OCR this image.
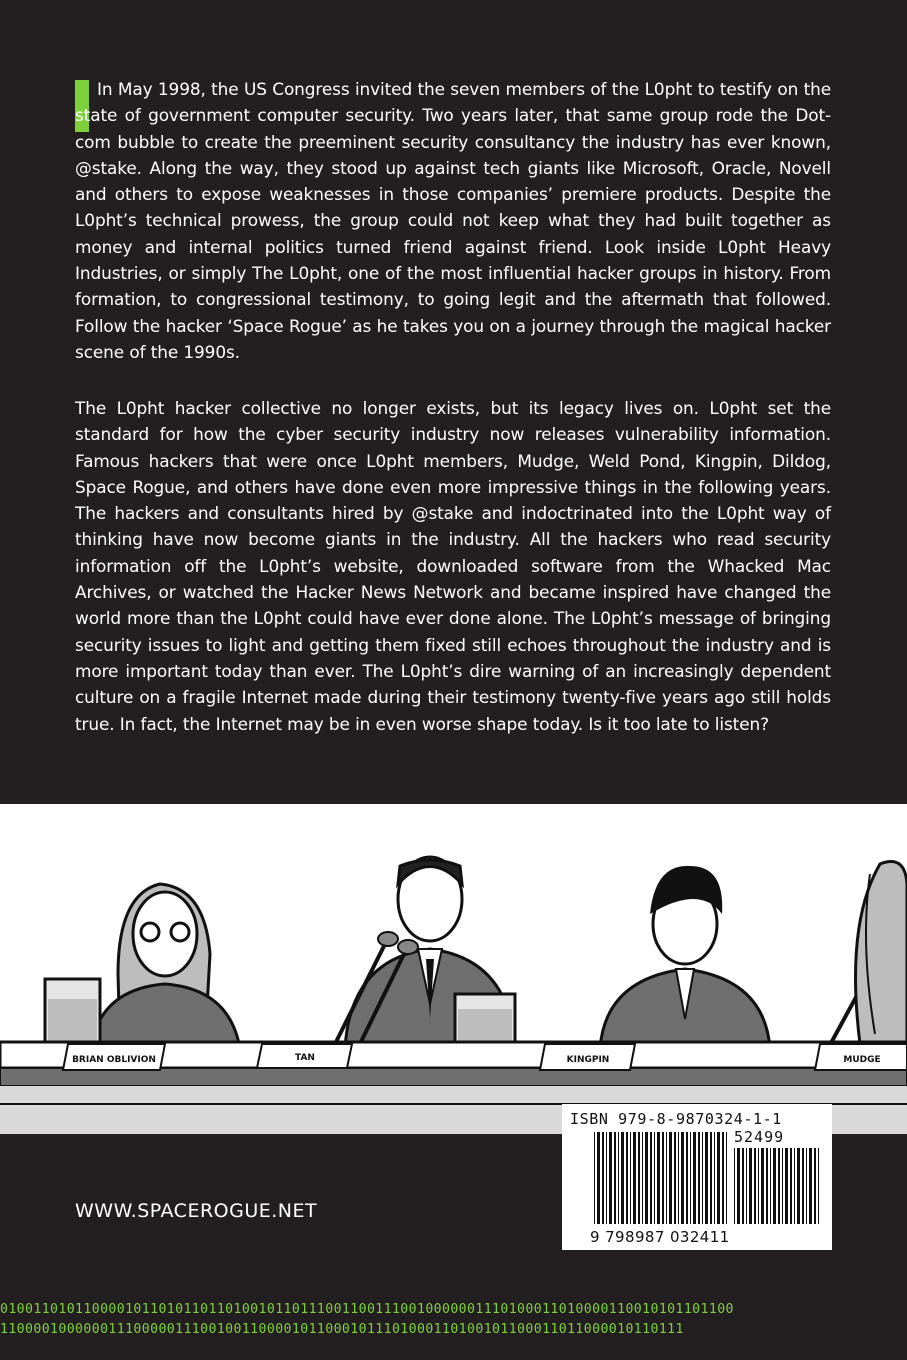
In May 1998, the US Congress invited the seven members of the L0pht to testify on the state of government computer security. Two years later, that same group rode the Dot-com bubble to create the preeminent security consultancy the industry has ever known, @stake. Along the way, they stood up against tech giants like Microsoft, Oracle, Novell and others to expose weaknesses in those companies’ premiere products. Despite the L0pht’s technical prowess, the group could not keep what they had built together as money and internal politics turned friend against friend. Look inside L0pht Heavy Industries, or simply The L0pht, one of the most influential hacker groups in history. From formation, to congressional testimony, to going legit and the aftermath that followed. Follow the hacker ‘Space Rogue’ as he takes you on a journey through the magical hacker scene of the 1990s.

The L0pht hacker collective no longer exists, but its legacy lives on. L0pht set the standard for how the cyber security industry now releases vulnerability information. Famous hackers that were once L0pht members, Mudge, Weld Pond, Kingpin, Dildog, Space Rogue, and others have done even more impressive things in the following years. The hackers and consultants hired by @stake and indoctrinated into the L0pht way of thinking have now become giants in the industry. All the hackers who read security information off the L0pht’s website, downloaded software from the Whacked Mac Archives, or watched the Hacker News Network and became inspired have changed the world more than the L0pht could have ever done alone. The L0pht’s message of bringing security issues to light and getting them fixed still echoes throughout the industry and is more important today than ever. The L0pht’s dire warning of an increasingly dependent culture on a fragile Internet made during their testimony twenty-five years ago still holds true. In fact, the Internet may be in even worse shape today. Is it too late to listen?

BRIAN OBLIVION	TAN	KINGPIN	MUDGE
WWW.SPACEROGUE.NET
ISBN 979-8-9870324-1-1
52499
9 798987 032411
0100110101100001011010110110100101101110011001110010000001110100011010000110010101101100
1100001000000111000001110010011000010110001011101000110100101100011011000010110111
